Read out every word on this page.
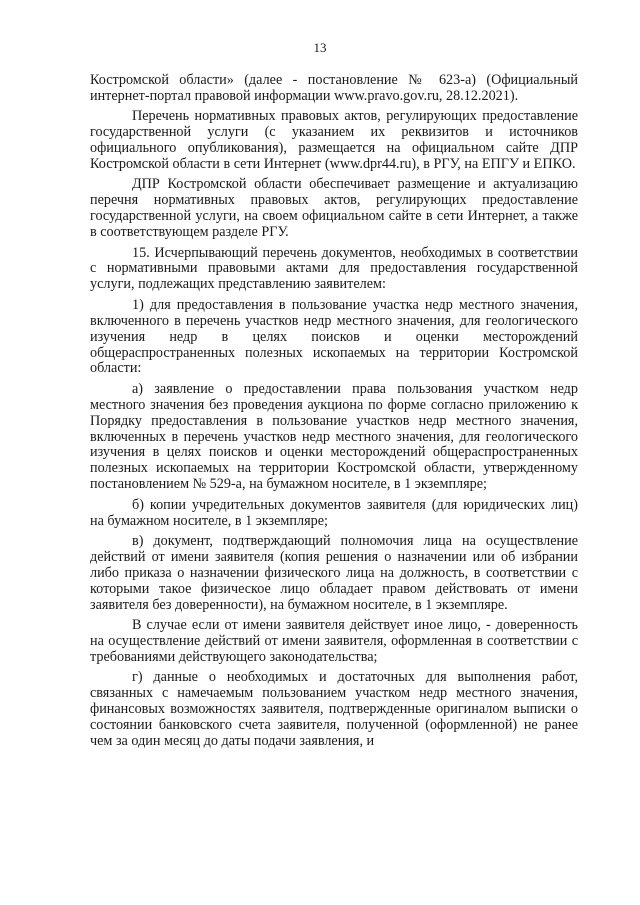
13

Костромской области» (далее - постановление № 623-а) (Официальный интернет-портал правовой информации www.pravo.gov.ru, 28.12.2021).

Перечень нормативных правовых актов, регулирующих предоставление государственной услуги (с указанием их реквизитов и источников официального опубликования), размещается на официальном сайте ДПР Костромской области в сети Интернет (www.dpr44.ru), в РГУ, на ЕПГУ и ЕПКО.

ДПР Костромской области обеспечивает размещение и актуализацию перечня нормативных правовых актов, регулирующих предоставление государственной услуги, на своем официальном сайте в сети Интернет, а также в соответствующем разделе РГУ.

15. Исчерпывающий перечень документов, необходимых в соответствии с нормативными правовыми актами для предоставления государственной услуги, подлежащих представлению заявителем:

1) для предоставления в пользование участка недр местного значения, включенного в перечень участков недр местного значения, для геологического изучения недр в целях поисков и оценки месторождений общераспространенных полезных ископаемых на территории Костромской области:

а) заявление о предоставлении права пользования участком недр местного значения без проведения аукциона по форме согласно приложению к Порядку предоставления в пользование участков недр местного значения, включенных в перечень участков недр местного значения, для геологического изучения в целях поисков и оценки месторождений общераспространенных полезных ископаемых на территории Костромской области, утвержденному постановлением № 529-а, на бумажном носителе, в 1 экземпляре;

б) копии учредительных документов заявителя (для юридических лиц) на бумажном носителе, в 1 экземпляре;

в) документ, подтверждающий полномочия лица на осуществление действий от имени заявителя (копия решения о назначении или об избрании либо приказа о назначении физического лица на должность, в соответствии с которыми такое физическое лицо обладает правом действовать от имени заявителя без доверенности), на бумажном носителе, в 1 экземпляре.

В случае если от имени заявителя действует иное лицо, - доверенность на осуществление действий от имени заявителя, оформленная в соответствии с требованиями действующего законодательства;

г) данные о необходимых и достаточных для выполнения работ, связанных с намечаемым пользованием участком недр местного значения, финансовых возможностях заявителя, подтвержденные оригиналом выписки о состоянии банковского счета заявителя, полученной (оформленной) не ранее чем за один месяц до даты подачи заявления, и
